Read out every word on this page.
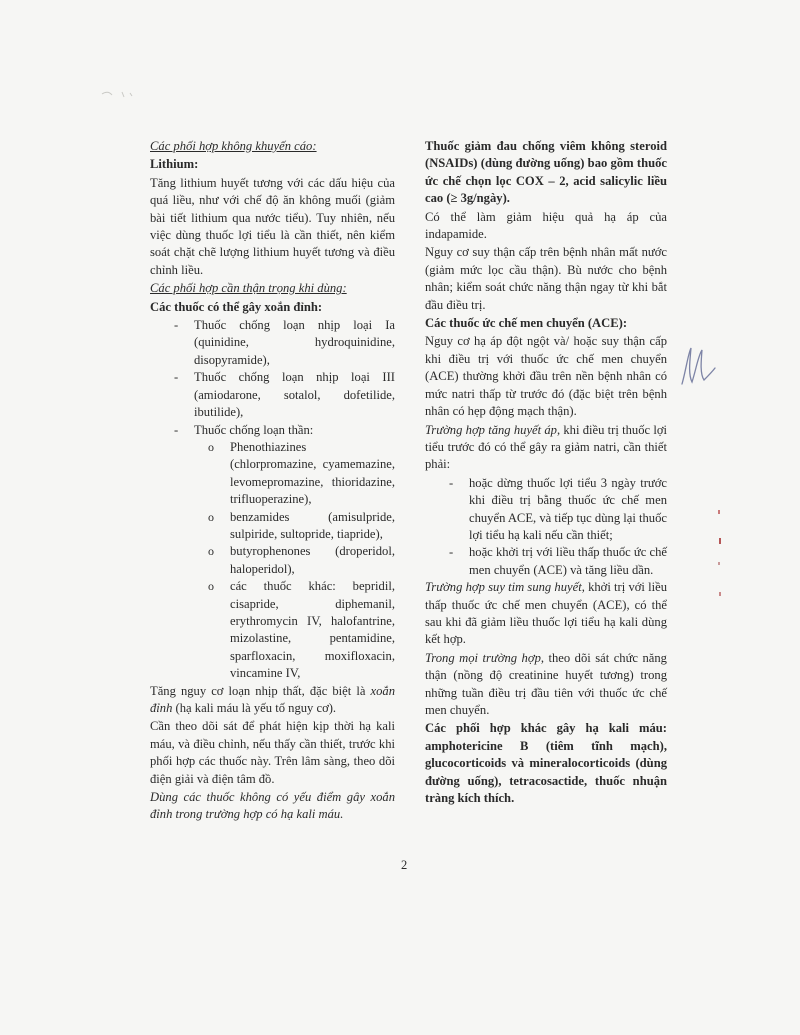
Các phối hợp không khuyến cáo:

Lithium:

Tăng lithium huyết tương với các dấu hiệu của quá liều, như với chế độ ăn không muối (giảm bài tiết lithium qua nước tiểu). Tuy nhiên, nếu việc dùng thuốc lợi tiểu là cần thiết, nên kiểm soát chặt chẽ lượng lithium huyết tương và điều chỉnh liều.

Các phối hợp cần thận trọng khi dùng:

Các thuốc có thể gây xoắn đỉnh:

- Thuốc chống loạn nhịp loại Ia (quinidine, hydroquinidine, disopyramide),
- Thuốc chống loạn nhịp loại III (amiodarone, sotalol, dofetilide, ibutilide),
- Thuốc chống loạn thần:
o Phenothiazines (chlorpromazine, cyamemazine, levomepromazine, thioridazine, trifluoperazine),
o benzamides (amisulpride, sulpiride, sultopride, tiapride),
o butyrophenones (droperidol, haloperidol),
o các thuốc khác: bepridil, cisapride, diphemanil, erythromycin IV, halofantrine, mizolastine, pentamidine, sparfloxacin, moxifloxacin, vincamine IV,

Tăng nguy cơ loạn nhịp thất, đặc biệt là xoắn đỉnh (hạ kali máu là yếu tố nguy cơ).

Cần theo dõi sát để phát hiện kịp thời hạ kali máu, và điều chỉnh, nếu thấy cần thiết, trước khi phối hợp các thuốc này. Trên lâm sàng, theo dõi điện giải và điện tâm đồ.

Dùng các thuốc không có yếu điểm gây xoắn đỉnh trong trường hợp có hạ kali máu.

Thuốc giảm đau chống viêm không steroid (NSAIDs) (dùng đường uống) bao gồm thuốc ức chế chọn lọc COX – 2, acid salicylic liều cao (≥ 3g/ngày).

Có thể làm giảm hiệu quả hạ áp của indapamide.

Nguy cơ suy thận cấp trên bệnh nhân mất nước (giảm mức lọc cầu thận). Bù nước cho bệnh nhân; kiểm soát chức năng thận ngay từ khi bắt đầu điều trị.

Các thuốc ức chế men chuyển (ACE):

Nguy cơ hạ áp đột ngột và/ hoặc suy thận cấp khi điều trị với thuốc ức chế men chuyển (ACE) thường khởi đầu trên nền bệnh nhân có mức natri thấp từ trước đó (đặc biệt trên bệnh nhân có hẹp động mạch thận).

Trường hợp tăng huyết áp, khi điều trị thuốc lợi tiểu trước đó có thể gây ra giảm natri, cần thiết phải:

- hoặc dừng thuốc lợi tiểu 3 ngày trước khi điều trị bằng thuốc ức chế men chuyển ACE, và tiếp tục dùng lại thuốc lợi tiểu hạ kali nếu cần thiết;
- hoặc khởi trị với liều thấp thuốc ức chế men chuyển (ACE) và tăng liều dần.

Trường hợp suy tim sung huyết, khởi trị với liều thấp thuốc ức chế men chuyển (ACE), có thể sau khi đã giảm liều thuốc lợi tiểu hạ kali dùng kết hợp.

Trong mọi trường hợp, theo dõi sát chức năng thận (nồng độ creatinine huyết tương) trong những tuần điều trị đầu tiên với thuốc ức chế men chuyển.

Các phối hợp khác gây hạ kali máu: amphotericine B (tiêm tĩnh mạch), glucocorticoids và mineralocorticoids (dùng đường uống), tetracosactide, thuốc nhuận tràng kích thích.

2
